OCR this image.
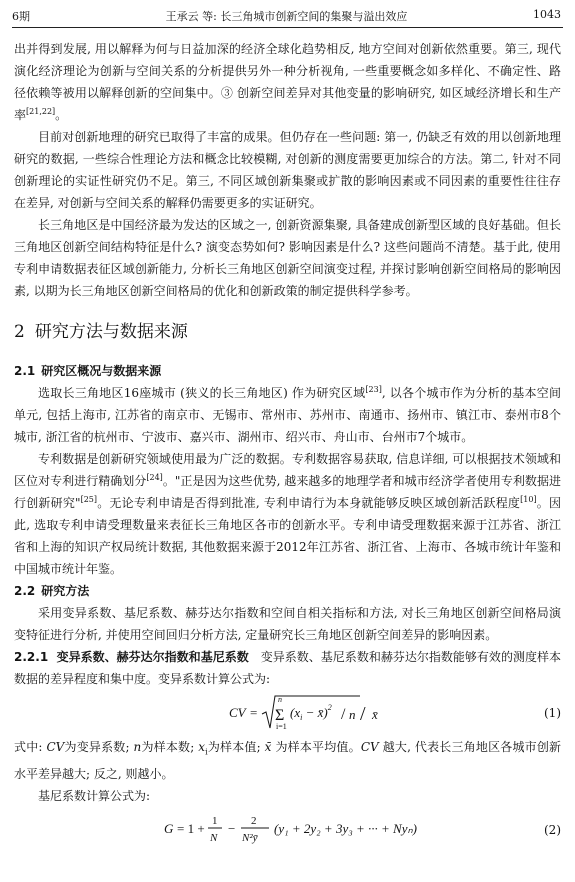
6期	王承云 等: 长三角城市创新空间的集聚与溢出效应	1043

出并得到发展, 用以解释为何与日益加深的经济全球化趋势相反, 地方空间对创新依然重要。第三, 现代演化经济理论为创新与空间关系的分析提供另外一种分析视角, 一些重要概念如多样化、不确定性、路径依赖等被用以解释创新的空间集中。③ 创新空间差异对其他变量的影响研究, 如区域经济增长和生产率[21,22]。

目前对创新地理的研究已取得了丰富的成果。但仍存在一些问题: 第一, 仍缺乏有效的用以创新地理研究的数据, 一些综合性理论方法和概念比较模糊, 对创新的测度需要更加综合的方法。第二, 针对不同创新理论的实证性研究仍不足。第三, 不同区域创新集聚或扩散的影响因素或不同因素的重要性往往存在差异, 对创新与空间关系的解释仍需要更多的实证研究。

长三角地区是中国经济最为发达的区域之一, 创新资源集聚, 具备建成创新型区域的良好基础。但长三角地区创新空间结构特征是什么? 演变态势如何? 影响因素是什么? 这些问题尚不清楚。基于此, 使用专利申请数据表征区域创新能力, 分析长三角地区创新空间演变过程, 并探讨影响创新空间格局的影响因素, 以期为长三角地区创新空间格局的优化和创新政策的制定提供科学参考。

2 研究方法与数据来源
2.1 研究区概况与数据来源

选取长三角地区16座城市 (狭义的长三角地区) 作为研究区域[23], 以各个城市作为分析的基本空间单元, 包括上海市, 江苏省的南京市、无锡市、常州市、苏州市、南通市、扬州市、镇江市、泰州市8个城市, 浙江省的杭州市、宁波市、嘉兴市、湖州市、绍兴市、舟山市、台州市7个城市。

专利数据是创新研究领域使用最为广泛的数据。专利数据容易获取, 信息详细, 可以根据技术领域和区位对专利进行精确划分[24]。"正是因为这些优势, 越来越多的地理学者和城市经济学者使用专利数据进行创新研究"[25]。无论专利申请是否得到批准, 专利申请行为本身就能够反映区域创新活跃程度[10]。因此, 选取专利申请受理数量来表征长三角地区各市的创新水平。专利申请受理数据来源于江苏省、浙江省和上海的知识产权局统计数据, 其他数据来源于2012年江苏省、浙江省、上海市、各城市统计年鉴和中国城市统计年鉴。

2.2 研究方法

采用变异系数、基尼系数、赫芬达尔指数和空间自相关指标和方法, 对长三角地区创新空间格局演变特征进行分析, 并使用空间回归分析方法, 定量研究长三角地区创新空间差异的影响因素。

2.2.1 变异系数、赫芬达尔指数和基尼系数 变异系数、基尼系数和赫芬达尔指数能够有效的测度样本数据的差异程度和集中度。变异系数计算公式为:

CV =
n
Σ
i=1
($x_i$ − x̄)$^2$ / n / x̄	(1)

式中: CV为变异系数; n为样本数; $x_i$为样本值; x̄ 为样本平均值。CV 越大, 代表长三角地区各城市创新水平差异越大; 反之, 则越小。

基尼系数计算公式为:

G = 1 + 1
N
− 2
N²ȳ
(y₁ + 2y₂ + 3y₃ + ··· + Nyₙ)	(2)
